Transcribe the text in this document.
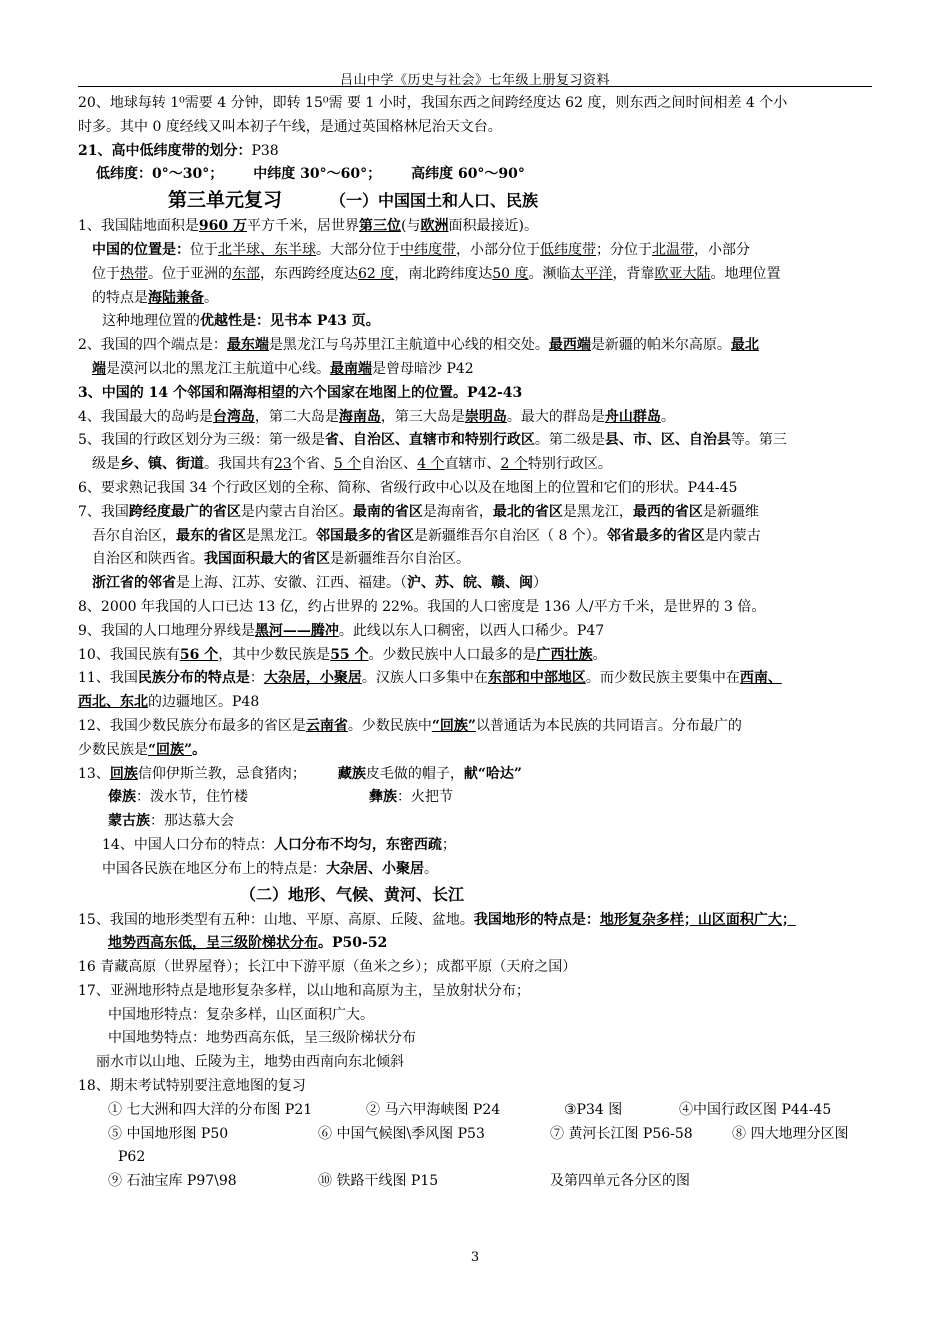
吕山中学《历史与社会》七年级上册复习资料

20、地球每转 1⁰需要 4 分钟，即转 15⁰需 要 1 小时，我国东西之间跨经度达 62 度，则东西之间时间相差 4 个小

时多。其中 0 度经线又叫本初子午线，是通过英国格林尼治天文台。

21、高中低纬度带的划分：P38

低纬度：0°～30°； 中纬度 30°～60°； 高纬度 60°～90°

第三单元复习	（一）中国国土和人口、民族

1、我国陆地面积是960 万平方千米，居世界第三位(与欧洲面积最接近)。

中国的位置是：位于北半球、东半球。大部分位于中纬度带，小部分位于低纬度带；分位于北温带，小部分
位于热带。位于亚洲的东部，东西跨经度达62 度，南北跨纬度达50 度。濒临太平洋，背靠欧亚大陆。地理位置
的特点是海陆兼备。

这种地理位置的优越性是：见书本 P43 页。

2、我国的四个端点是：最东端是黑龙江与乌苏里江主航道中心线的相交处。最西端是新疆的帕米尔高原。最北
端是漠河以北的黑龙江主航道中心线。最南端是曾母暗沙 P42

3、中国的 14 个邻国和隔海相望的六个国家在地图上的位置。P42-43

4、我国最大的岛屿是台湾岛，第二大岛是海南岛，第三大岛是崇明岛。最大的群岛是舟山群岛。

5、我国的行政区划分为三级：第一级是省、自治区、直辖市和特别行政区。第二级是县、市、区、自治县等。第三
级是乡、镇、街道。我国共有23个省、5 个自治区、4 个直辖市、2 个特别行政区。

6、要求熟记我国 34 个行政区划的全称、简称、省级行政中心以及在地图上的位置和它们的形状。P44-45

7、我国跨经度最广的省区是内蒙古自治区。最南的省区是海南省，最北的省区是黑龙江，最西的省区是新疆维
吾尔自治区，最东的省区是黑龙江。邻国最多的省区是新疆维吾尔自治区（ 8 个）。邻省最多的省区是内蒙古
自治区和陕西省。我国面积最大的省区是新疆维吾尔自治区。

浙江省的邻省是上海、江苏、安徽、江西、福建。（沪、苏、皖、赣、闽）

8、2000 年我国的人口已达 13 亿，约占世界的 22%。我国的人口密度是 136 人/平方千米，是世界的 3 倍。

9、我国的人口地理分界线是黑河——腾冲。此线以东人口稠密，以西人口稀少。P47

10、我国民族有56 个，其中少数民族是55 个。少数民族中人口最多的是广西壮族。

11、我国民族分布的特点是：大杂居，小聚居。汉族人口多集中在东部和中部地区。而少数民族主要集中在西南、
西北、东北的边疆地区。P48

12、我国少数民族分布最多的省区是云南省。少数民族中“回族”以普通话为本民族的共同语言。分布最广的
少数民族是“回族”。

13、回族信仰伊斯兰教，忌食猪肉； 藏族皮毛做的帽子，献“哈达”

傣族：泼水节，住竹楼	彝族：火把节

蒙古族：那达慕大会

14、中国人口分布的特点：人口分布不均匀，东密西疏；

中国各民族在地区分布上的特点是：大杂居、小聚居。

（二）地形、气候、黄河、长江

15、我国的地形类型有五种：山地、平原、高原、丘陵、盆地。我国地形的特点是：地形复杂多样；山区面积广大；
地势西高东低，呈三级阶梯状分布。P50-52

16 青藏高原（世界屋脊）；长江中下游平原（鱼米之乡）；成都平原（天府之国）

17、亚洲地形特点是地形复杂多样，以山地和高原为主，呈放射状分布；

中国地形特点：复杂多样，山区面积广大。

中国地势特点：地势西高东低，呈三级阶梯状分布

丽水市以山地、丘陵为主，地势由西南向东北倾斜

18、期末考试特别要注意地图的复习

① 七大洲和四大洋的分布图 P21	② 马六甲海峡图 P24	③P34 图	④中国行政区图 P44-45

⑤ 中国地形图 P50	⑥ 中国气候图\季风图 P53	⑦ 黄河长江图 P56-58	⑧ 四大地理分区图

P62

⑨ 石油宝库 P97\98	⑩ 铁路干线图 P15	及第四单元各分区的图

3
